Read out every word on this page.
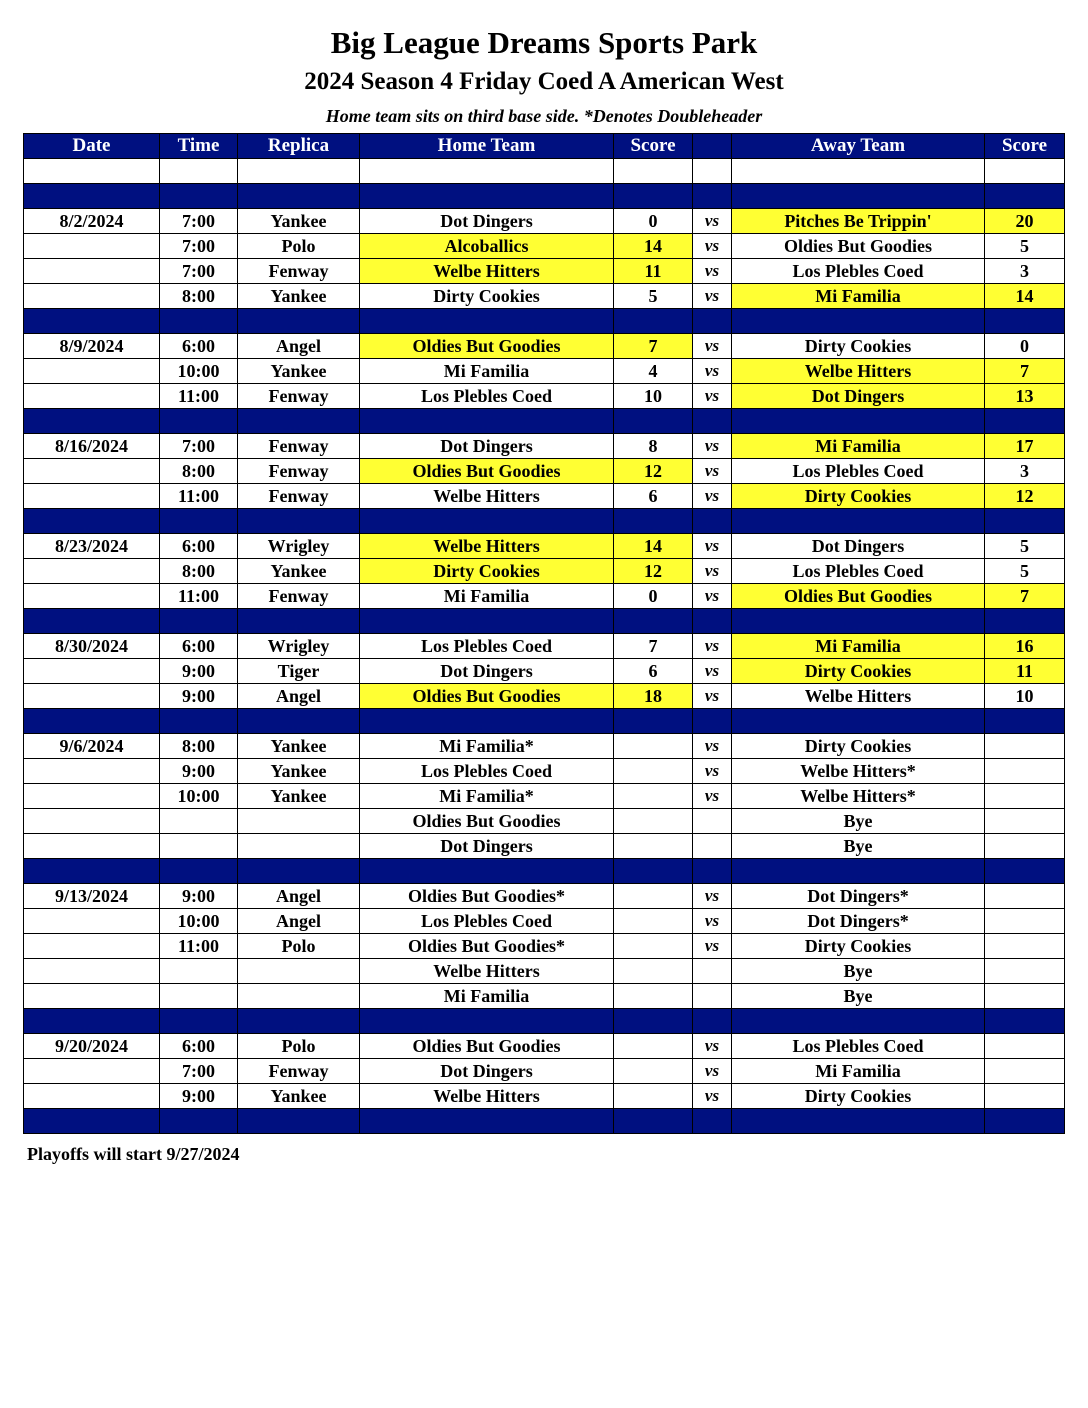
Big League Dreams Sports Park
2024 Season 4 Friday Coed A American West
Home team sits on third base side. *Denotes Doubleheader
Date	Time	Replica	Home Team	Score		Away Team	Score

8/2/2024	7:00	Yankee	Dot Dingers	0	vs	Pitches Be Trippin'	20
	7:00	Polo	Alcoballics	14	vs	Oldies But Goodies	5
	7:00	Fenway	Welbe Hitters	11	vs	Los Plebles Coed	3
	8:00	Yankee	Dirty Cookies	5	vs	Mi Familia	14

8/9/2024	6:00	Angel	Oldies But Goodies	7	vs	Dirty Cookies	0
	10:00	Yankee	Mi Familia	4	vs	Welbe Hitters	7
	11:00	Fenway	Los Plebles Coed	10	vs	Dot Dingers	13

8/16/2024	7:00	Fenway	Dot Dingers	8	vs	Mi Familia	17
	8:00	Fenway	Oldies But Goodies	12	vs	Los Plebles Coed	3
	11:00	Fenway	Welbe Hitters	6	vs	Dirty Cookies	12

8/23/2024	6:00	Wrigley	Welbe Hitters	14	vs	Dot Dingers	5
	8:00	Yankee	Dirty Cookies	12	vs	Los Plebles Coed	5
	11:00	Fenway	Mi Familia	0	vs	Oldies But Goodies	7

8/30/2024	6:00	Wrigley	Los Plebles Coed	7	vs	Mi Familia	16
	9:00	Tiger	Dot Dingers	6	vs	Dirty Cookies	11
	9:00	Angel	Oldies But Goodies	18	vs	Welbe Hitters	10

9/6/2024	8:00	Yankee	Mi Familia*		vs	Dirty Cookies	
	9:00	Yankee	Los Plebles Coed		vs	Welbe Hitters*	
	10:00	Yankee	Mi Familia*		vs	Welbe Hitters*	
			Oldies But Goodies			Bye	
			Dot Dingers			Bye	

9/13/2024	9:00	Angel	Oldies But Goodies*		vs	Dot Dingers*	
	10:00	Angel	Los Plebles Coed		vs	Dot Dingers*	
	11:00	Polo	Oldies But Goodies*		vs	Dirty Cookies	
			Welbe Hitters			Bye	
			Mi Familia			Bye	

9/20/2024	6:00	Polo	Oldies But Goodies		vs	Los Plebles Coed	
	7:00	Fenway	Dot Dingers		vs	Mi Familia	
	9:00	Yankee	Welbe Hitters		vs	Dirty Cookies	

Playoffs will start 9/27/2024
